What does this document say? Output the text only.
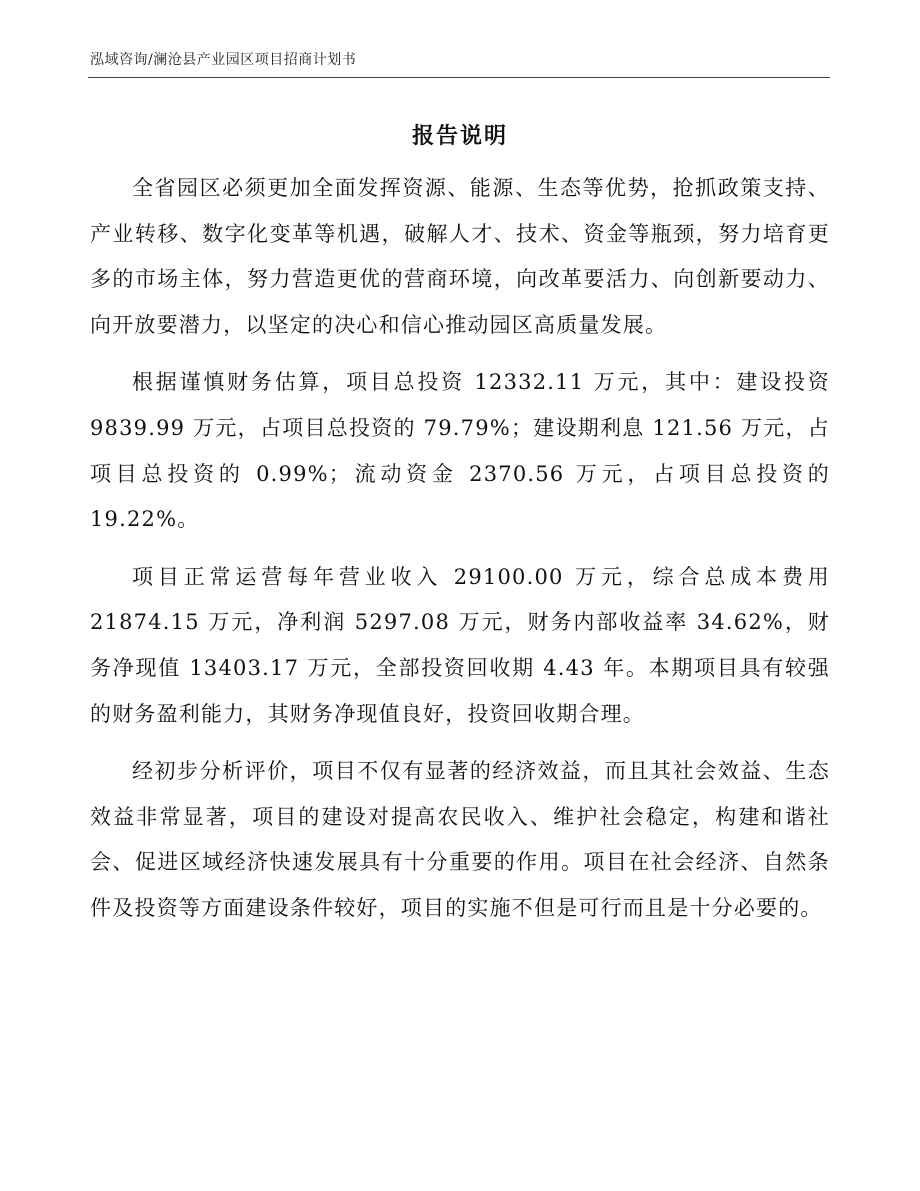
泓域咨询/澜沧县产业园区项目招商计划书
报告说明

全省园区必须更加全面发挥资源、能源、生态等优势，抢抓政策支持、产业转移、数字化变革等机遇，破解人才、技术、资金等瓶颈，努力培育更多的市场主体，努力营造更优的营商环境，向改革要活力、向创新要动力、向开放要潜力，以坚定的决心和信心推动园区高质量发展。

根据谨慎财务估算，项目总投资 12332.11 万元，其中：建设投资 9839.99 万元，占项目总投资的 79.79%；建设期利息 121.56 万元，占项目总投资的 0.99%；流动资金 2370.56 万元，占项目总投资的 19.22%。

项目正常运营每年营业收入 29100.00 万元，综合总成本费用 21874.15 万元，净利润 5297.08 万元，财务内部收益率 34.62%，财务净现值 13403.17 万元，全部投资回收期 4.43 年。本期项目具有较强的财务盈利能力，其财务净现值良好，投资回收期合理。

经初步分析评价，项目不仅有显著的经济效益，而且其社会效益、生态效益非常显著，项目的建设对提高农民收入、维护社会稳定，构建和谐社会、促进区域经济快速发展具有十分重要的作用。项目在社会经济、自然条件及投资等方面建设条件较好，项目的实施不但是可行而且是十分必要的。
